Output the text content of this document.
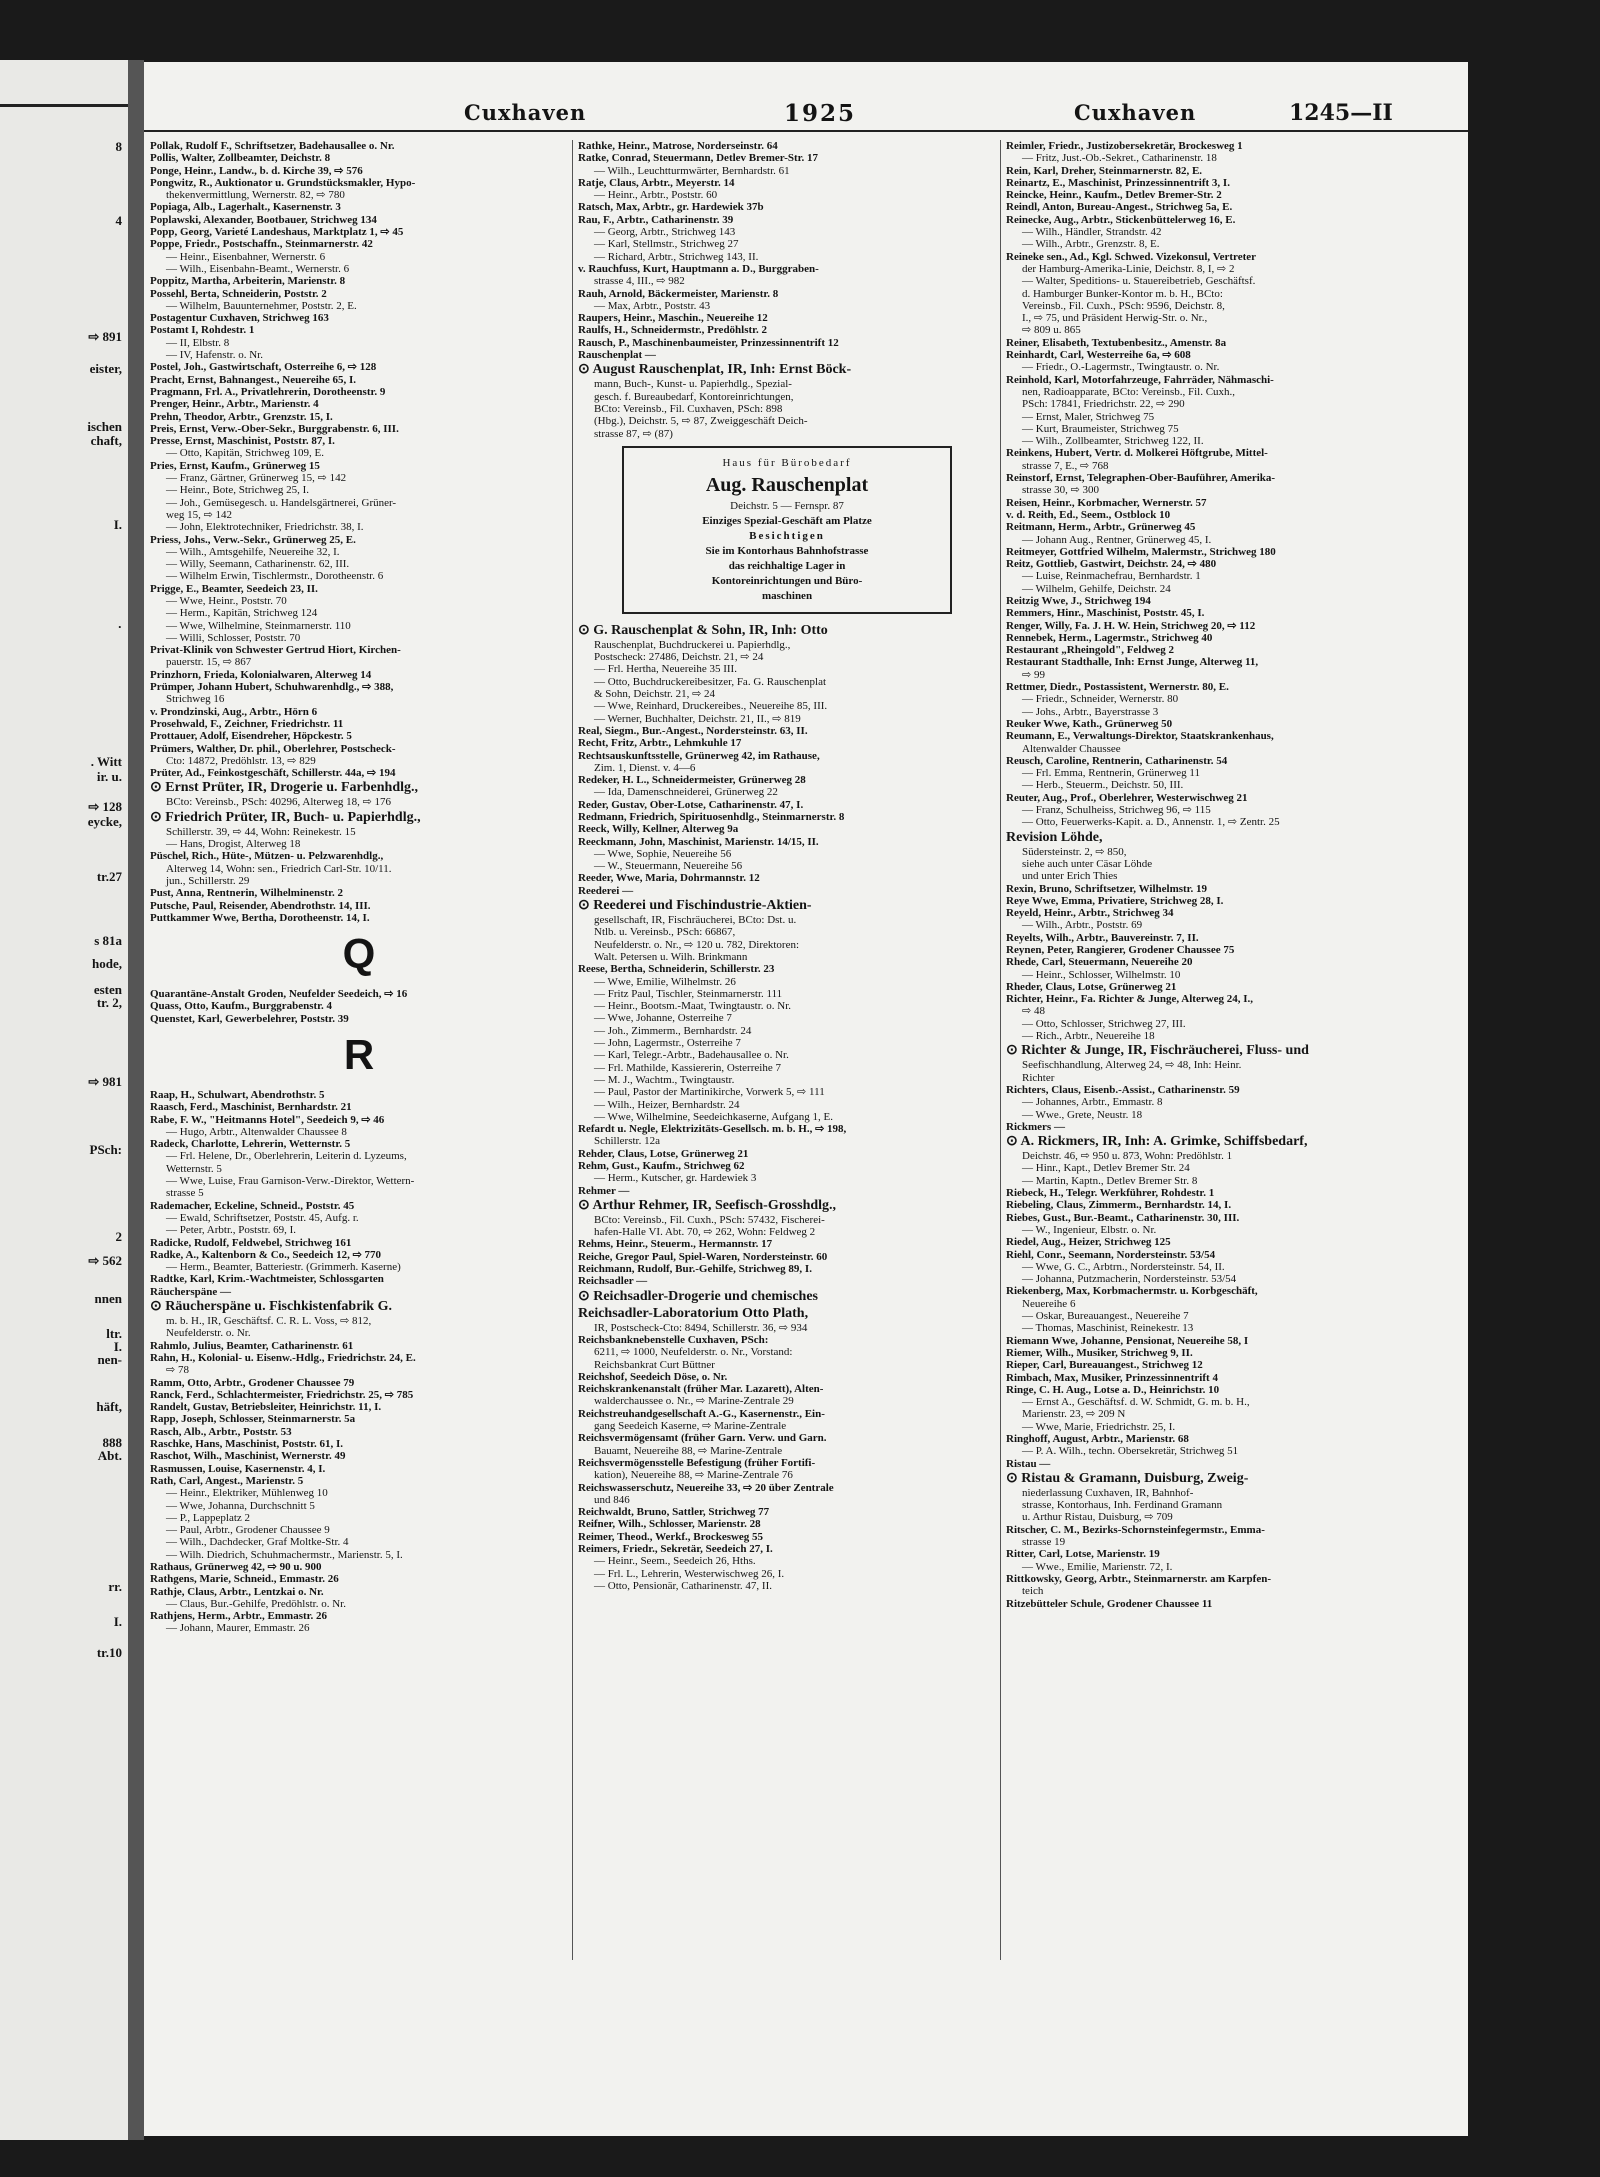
8
4
⇨ 891
eister,
ischen
chaft,
I.
·
. Witt
ir. u.
⇨ 128
eycke,
tr.27
s 81a
hode,
esten
tr. 2,
⇨ 981
PSch:
2
⇨ 562
nnen
ltr.
I.
nen-
häft,
888
Abt.
rr.
I.
tr.10
Cuxhaven	1925	Cuxhaven	1245—II
Pollak, Rudolf F., Schriftsetzer, Badehausallee o. Nr.
Pollis, Walter, Zollbeamter, Deichstr. 8
Ponge, Heinr., Landw., b. d. Kirche 39, ⇨ 576
Pongwitz, R., Auktionator u. Grundstücksmakler, Hypo-
thekenvermittlung, Wernerstr. 82, ⇨ 780
Popiaga, Alb., Lagerhalt., Kasernenstr. 3
Poplawski, Alexander, Bootbauer, Strichweg 134
Popp, Georg, Varieté Landeshaus, Marktplatz 1, ⇨ 45
Poppe, Friedr., Postschaffn., Steinmarnerstr. 42
— Heinr., Eisenbahner, Wernerstr. 6
— Wilh., Eisenbahn-Beamt., Wernerstr. 6
Poppitz, Martha, Arbeiterin, Marienstr. 8
Possehl, Berta, Schneiderin, Poststr. 2
— Wilhelm, Bauunternehmer, Poststr. 2, E.
Postagentur Cuxhaven, Strichweg 163
Postamt I, Rohdestr. 1
— II, Elbstr. 8
— IV, Hafenstr. o. Nr.
Postel, Joh., Gastwirtschaft, Osterreihe 6, ⇨ 128
Pracht, Ernst, Bahnangest., Neuereihe 65, I.
Pragmann, Frl. A., Privatlehrerin, Dorotheenstr. 9
Prenger, Heinr., Arbtr., Marienstr. 4
Prehn, Theodor, Arbtr., Grenzstr. 15, I.
Preis, Ernst, Verw.-Ober-Sekr., Burggrabenstr. 6, III.
Presse, Ernst, Maschinist, Poststr. 87, I.
— Otto, Kapitän, Strichweg 109, E.
Pries, Ernst, Kaufm., Grünerweg 15
— Franz, Gärtner, Grünerweg 15, ⇨ 142
— Heinr., Bote, Strichweg 25, I.
— Joh., Gemüsegesch. u. Handelsgärtnerei, Grüner-
weg 15, ⇨ 142
— John, Elektrotechniker, Friedrichstr. 38, I.
Priess, Johs., Verw.-Sekr., Grünerweg 25, E.
— Wilh., Amtsgehilfe, Neuereihe 32, I.
— Willy, Seemann, Catharinenstr. 62, III.
— Wilhelm Erwin, Tischlermstr., Dorotheenstr. 6
Prigge, E., Beamter, Seedeich 23, II.
— Wwe, Heinr., Poststr. 70
— Herm., Kapitän, Strichweg 124
— Wwe, Wilhelmine, Steinmarnerstr. 110
— Willi, Schlosser, Poststr. 70
Privat-Klinik von Schwester Gertrud Hiort, Kirchen-
pauerstr. 15, ⇨ 867
Prinzhorn, Frieda, Kolonialwaren, Alterweg 14
Prümper, Johann Hubert, Schuhwarenhdlg., ⇨ 388,
Strichweg 16
v. Prondzinski, Aug., Arbtr., Hörn 6
Prosehwald, F., Zeichner, Friedrichstr. 11
Prottauer, Adolf, Eisendreher, Höpckestr. 5
Prümers, Walther, Dr. phil., Oberlehrer, Postscheck-
Cto: 14872, Predöhlstr. 13, ⇨ 829
Prüter, Ad., Feinkostgeschäft, Schillerstr. 44a, ⇨ 194
⊙ Ernst Prüter, IR, Drogerie u. Farbenhdlg.,
BCto: Vereinsb., PSch: 40296, Alterweg 18, ⇨ 176
⊙ Friedrich Prüter, IR, Buch- u. Papierhdlg.,
Schillerstr. 39, ⇨ 44, Wohn: Reinekestr. 15
— Hans, Drogist, Alterweg 18
Püschel, Rich., Hüte-, Mützen- u. Pelzwarenhdlg.,
Alterweg 14, Wohn: sen., Friedrich Carl-Str. 10/11.
jun., Schillerstr. 29
Pust, Anna, Rentnerin, Wilhelminenstr. 2
Putsche, Paul, Reisender, Abendrothstr. 14, III.
Puttkammer Wwe, Bertha, Dorotheenstr. 14, I.
Q
Quarantäne-Anstalt Groden, Neufelder Seedeich, ⇨ 16
Quass, Otto, Kaufm., Burggrabenstr. 4
Quenstet, Karl, Gewerbelehrer, Poststr. 39
R
Raap, H., Schulwart, Abendrothstr. 5
Raasch, Ferd., Maschinist, Bernhardstr. 21
Rabe, F. W., "Heitmanns Hotel", Seedeich 9, ⇨ 46
— Hugo, Arbtr., Altenwalder Chaussee 8
Radeck, Charlotte, Lehrerin, Wetternstr. 5
— Frl. Helene, Dr., Oberlehrerin, Leiterin d. Lyzeums,
Wetternstr. 5
— Wwe, Luise, Frau Garnison-Verw.-Direktor, Wettern-
strasse 5
Rademacher, Eckeline, Schneid., Poststr. 45
— Ewald, Schriftsetzer, Poststr. 45, Aufg. r.
— Peter, Arbtr., Poststr. 69, I.
Radicke, Rudolf, Feldwebel, Strichweg 161
Radke, A., Kaltenborn & Co., Seedeich 12, ⇨ 770
— Herm., Beamter, Batteriestr. (Grimmerh. Kaserne)
Radtke, Karl, Krim.-Wachtmeister, Schlossgarten
Räucherspäne —
⊙ Räucherspäne u. Fischkistenfabrik G.
m. b. H., IR, Geschäftsf. C. R. L. Voss, ⇨ 812,
Neufelderstr. o. Nr.
Rahmlo, Julius, Beamter, Catharinenstr. 61
Rahn, H., Kolonial- u. Eisenw.-Hdlg., Friedrichstr. 24, E.
⇨ 78
Ramm, Otto, Arbtr., Grodener Chaussee 79
Ranck, Ferd., Schlachtermeister, Friedrichstr. 25, ⇨ 785
Randelt, Gustav, Betriebsleiter, Heinrichstr. 11, I.
Rapp, Joseph, Schlosser, Steinmarnerstr. 5a
Rasch, Alb., Arbtr., Poststr. 53
Raschke, Hans, Maschinist, Poststr. 61, I.
Raschot, Wilh., Maschinist, Wernerstr. 49
Rasmussen, Louise, Kasernenstr. 4, I.
Rath, Carl, Angest., Marienstr. 5
— Heinr., Elektriker, Mühlenweg 10
— Wwe, Johanna, Durchschnitt 5
— P., Lappeplatz 2
— Paul, Arbtr., Grodener Chaussee 9
— Wilh., Dachdecker, Graf Moltke-Str. 4
— Wilh. Diedrich, Schuhmachermstr., Marienstr. 5, I.
Rathaus, Grünerweg 42, ⇨ 90 u. 900
Rathgens, Marie, Schneid., Emmastr. 26
Rathje, Claus, Arbtr., Lentzkai o. Nr.
— Claus, Bur.-Gehilfe, Predöhlstr. o. Nr.
Rathjens, Herm., Arbtr., Emmastr. 26
— Johann, Maurer, Emmastr. 26
Rathke, Heinr., Matrose, Norderseinstr. 64
Ratke, Conrad, Steuermann, Detlev Bremer-Str. 17
— Wilh., Leuchtturmwärter, Bernhardstr. 61
Ratje, Claus, Arbtr., Meyerstr. 14
— Heinr., Arbtr., Poststr. 60
Ratsch, Max, Arbtr., gr. Hardewiek 37b
Rau, F., Arbtr., Catharinenstr. 39
— Georg, Arbtr., Strichweg 143
— Karl, Stellmstr., Strichweg 27
— Richard, Arbtr., Strichweg 143, II.
v. Rauchfuss, Kurt, Hauptmann a. D., Burggraben-
strasse 4, III., ⇨ 982
Rauh, Arnold, Bäckermeister, Marienstr. 8
— Max, Arbtr., Poststr. 43
Raupers, Heinr., Maschin., Neuereihe 12
Raulfs, H., Schneidermstr., Predöhlstr. 2
Rausch, P., Maschinenbaumeister, Prinzessinnentrift 12
Rauschenplat —
⊙ August Rauschenplat, IR, Inh: Ernst Böck-
mann, Buch-, Kunst- u. Papierhdlg., Spezial-
gesch. f. Bureaubedarf, Kontoreinrichtungen,
BCto: Vereinsb., Fil. Cuxhaven, PSch: 898
(Hbg.), Deichstr. 5, ⇨ 87, Zweiggeschäft Deich-
strasse 87, ⇨ (87)
Haus für Bürobedarf
Aug. Rauschenplat
Deichstr. 5 — Fernspr. 87
Einziges Spezial-Geschäft am Platze
Besichtigen
Sie im Kontorhaus Bahnhofstrasse
das reichhaltige Lager in
Kontoreinrichtungen und Büro-
maschinen
⊙ G. Rauschenplat & Sohn, IR, Inh: Otto
Rauschenplat, Buchdruckerei u. Papierhdlg.,
Postscheck: 27486, Deichstr. 21, ⇨ 24
— Frl. Hertha, Neuereihe 35 III.
— Otto, Buchdruckereibesitzer, Fa. G. Rauschenplat
& Sohn, Deichstr. 21, ⇨ 24
— Wwe, Reinhard, Druckereibes., Neuereihe 85, III.
— Werner, Buchhalter, Deichstr. 21, II., ⇨ 819
Real, Siegm., Bur.-Angest., Nordersteinstr. 63, II.
Recht, Fritz, Arbtr., Lehmkuhle 17
Rechtsauskunftsstelle, Grünerweg 42, im Rathause,
Zim. 1, Dienst. v. 4—6
Redeker, H. L., Schneidermeister, Grünerweg 28
— Ida, Damenschneiderei, Grünerweg 22
Reder, Gustav, Ober-Lotse, Catharinenstr. 47, I.
Redmann, Friedrich, Spirituosenhdlg., Steinmarnerstr. 8
Reeck, Willy, Kellner, Alterweg 9a
Reeckmann, John, Maschinist, Marienstr. 14/15, II.
— Wwe, Sophie, Neuereihe 56
— W., Steuermann, Neuereihe 56
Reeder, Wwe, Maria, Dohrmannstr. 12
Reederei —
⊙ Reederei und Fischindustrie-Aktien-
gesellschaft, IR, Fischräucherei, BCto: Dst. u.
Ntlb. u. Vereinsb., PSch: 66867,
Neufelderstr. o. Nr., ⇨ 120 u. 782, Direktoren:
Walt. Petersen u. Wilh. Brinkmann
Reese, Bertha, Schneiderin, Schillerstr. 23
— Wwe, Emilie, Wilhelmstr. 26
— Fritz Paul, Tischler, Steinmarnerstr. 111
— Heinr., Bootsm.-Maat, Twingtaustr. o. Nr.
— Wwe, Johanne, Osterreihe 7
— Joh., Zimmerm., Bernhardstr. 24
— John, Lagermstr., Osterreihe 7
— Karl, Telegr.-Arbtr., Badehausallee o. Nr.
— Frl. Mathilde, Kassiererin, Osterreihe 7
— M. J., Wachtm., Twingtaustr.
— Paul, Pastor der Martinikirche, Vorwerk 5, ⇨ 111
— Wilh., Heizer, Bernhardstr. 24
— Wwe, Wilhelmine, Seedeichkaserne, Aufgang 1, E.
Refardt u. Negle, Elektrizitäts-Gesellsch. m. b. H., ⇨ 198,
Schillerstr. 12a
Rehder, Claus, Lotse, Grünerweg 21
Rehm, Gust., Kaufm., Strichweg 62
— Herm., Kutscher, gr. Hardewiek 3
Rehmer —
⊙ Arthur Rehmer, IR, Seefisch-Grosshdlg.,
BCto: Vereinsb., Fil. Cuxh., PSch: 57432, Fischerei-
hafen-Halle VI. Abt. 70, ⇨ 262, Wohn: Feldweg 2
Rehms, Heinr., Steuerm., Hermannstr. 17
Reiche, Gregor Paul, Spiel-Waren, Nordersteinstr. 60
Reichmann, Rudolf, Bur.-Gehilfe, Strichweg 89, I.
Reichsadler —
⊙ Reichsadler-Drogerie und chemisches
Reichsadler-Laboratorium Otto Plath,
IR, Postscheck-Cto: 8494, Schillerstr. 36, ⇨ 934
Reichsbanknebenstelle Cuxhaven, PSch:
6211, ⇨ 1000, Neufelderstr. o. Nr., Vorstand:
Reichsbankrat Curt Büttner
Reichshof, Seedeich Döse, o. Nr.
Reichskrankenanstalt (früher Mar. Lazarett), Alten-
walderchaussee o. Nr., ⇨ Marine-Zentrale 29
Reichstreuhandgesellschaft A.-G., Kasernenstr., Ein-
gang Seedeich Kaserne, ⇨ Marine-Zentrale
Reichsvermögensamt (früher Garn. Verw. und Garn.
Bauamt, Neuereihe 88, ⇨ Marine-Zentrale
Reichsvermögensstelle Befestigung (früher Fortifi-
kation), Neuereihe 88, ⇨ Marine-Zentrale 76
Reichswasserschutz, Neuereihe 33, ⇨ 20 über Zentrale
und 846
Reichwaldt, Bruno, Sattler, Strichweg 77
Reifner, Wilh., Schlosser, Marienstr. 28
Reimer, Theod., Werkf., Brockesweg 55
Reimers, Friedr., Sekretär, Seedeich 27, I.
— Heinr., Seem., Seedeich 26, Hths.
— Frl. L., Lehrerin, Westerwischweg 26, I.
— Otto, Pensionär, Catharinenstr. 47, II.
Reimler, Friedr., Justizobersekretär, Brockesweg 1
— Fritz, Just.-Ob.-Sekret., Catharinenstr. 18
Rein, Karl, Dreher, Steinmarnerstr. 82, E.
Reinartz, E., Maschinist, Prinzessinnentrift 3, I.
Reincke, Heinr., Kaufm., Detlev Bremer-Str. 2
Reindl, Anton, Bureau-Angest., Strichweg 5a, E.
Reinecke, Aug., Arbtr., Stickenbüttelerweg 16, E.
— Wilh., Händler, Strandstr. 42
— Wilh., Arbtr., Grenzstr. 8, E.
Reineke sen., Ad., Kgl. Schwed. Vizekonsul, Vertreter
der Hamburg-Amerika-Linie, Deichstr. 8, I, ⇨ 2
— Walter, Speditions- u. Stauereibetrieb, Geschäftsf.
d. Hamburger Bunker-Kontor m. b. H., BCto:
Vereinsb., Fil. Cuxh., PSch: 9596, Deichstr. 8,
I., ⇨ 75, und Präsident Herwig-Str. o. Nr.,
⇨ 809 u. 865
Reiner, Elisabeth, Textubenbesitz., Amenstr. 8a
Reinhardt, Carl, Westerreihe 6a, ⇨ 608
— Friedr., O.-Lagermstr., Twingtaustr. o. Nr.
Reinhold, Karl, Motorfahrzeuge, Fahrräder, Nähmaschi-
nen, Radioapparate, BCto: Vereinsb., Fil. Cuxh.,
PSch: 17841, Friedrichstr. 22, ⇨ 290
— Ernst, Maler, Strichweg 75
— Kurt, Braumeister, Strichweg 75
— Wilh., Zollbeamter, Strichweg 122, II.
Reinkens, Hubert, Vertr. d. Molkerei Höftgrube, Mittel-
strasse 7, E., ⇨ 768
Reinstorf, Ernst, Telegraphen-Ober-Bauführer, Amerika-
strasse 30, ⇨ 300
Reisen, Heinr., Korbmacher, Wernerstr. 57
v. d. Reith, Ed., Seem., Ostblock 10
Reitmann, Herm., Arbtr., Grünerweg 45
— Johann Aug., Rentner, Grünerweg 45, I.
Reitmeyer, Gottfried Wilhelm, Malermstr., Strichweg 180
Reitz, Gottlieb, Gastwirt, Deichstr. 24, ⇨ 480
— Luise, Reinmachefrau, Bernhardstr. 1
— Wilhelm, Gehilfe, Deichstr. 24
Reitzig Wwe, J., Strichweg 194
Remmers, Hinr., Maschinist, Poststr. 45, I.
Renger, Willy, Fa. J. H. W. Hein, Strichweg 20, ⇨ 112
Rennebek, Herm., Lagermstr., Strichweg 40
Restaurant „Rheingold", Feldweg 2
Restaurant Stadthalle, Inh: Ernst Junge, Alterweg 11,
⇨ 99
Rettmer, Diedr., Postassistent, Wernerstr. 80, E.
— Friedr., Schneider, Wernerstr. 80
— Johs., Arbtr., Bayerstrasse 3
Reuker Wwe, Kath., Grünerweg 50
Reumann, E., Verwaltungs-Direktor, Staatskrankenhaus,
Altenwalder Chaussee
Reusch, Caroline, Rentnerin, Catharinenstr. 54
— Frl. Emma, Rentnerin, Grünerweg 11
— Herb., Steuerm., Deichstr. 50, III.
Reuter, Aug., Prof., Oberlehrer, Westerwischweg 21
— Franz, Schulheiss, Strichweg 96, ⇨ 115
— Otto, Feuerwerks-Kapit. a. D., Annenstr. 1, ⇨ Zentr. 25
Revision Löhde,
Südersteinstr. 2, ⇨ 850,
siehe auch unter Cäsar Löhde
und unter Erich Thies
Rexin, Bruno, Schriftsetzer, Wilhelmstr. 19
Reye Wwe, Emma, Privatiere, Strichweg 28, I.
Reyeld, Heinr., Arbtr., Strichweg 34
— Wilh., Arbtr., Poststr. 69
Reyelts, Wilh., Arbtr., Bauvereinstr. 7, II.
Reynen, Peter, Rangierer, Grodener Chaussee 75
Rhede, Carl, Steuermann, Neuereihe 20
— Heinr., Schlosser, Wilhelmstr. 10
Rheder, Claus, Lotse, Grünerweg 21
Richter, Heinr., Fa. Richter & Junge, Alterweg 24, I.,
⇨ 48
— Otto, Schlosser, Strichweg 27, III.
— Rich., Arbtr., Neuereihe 18
⊙ Richter & Junge, IR, Fischräucherei, Fluss- und
Seefischhandlung, Alterweg 24, ⇨ 48, Inh: Heinr.
Richter
Richters, Claus, Eisenb.-Assist., Catharinenstr. 59
— Johannes, Arbtr., Emmastr. 8
— Wwe., Grete, Neustr. 18
Rickmers —
⊙ A. Rickmers, IR, Inh: A. Grimke, Schiffsbedarf,
Deichstr. 46, ⇨ 950 u. 873, Wohn: Predöhlstr. 1
— Hinr., Kapt., Detlev Bremer Str. 24
— Martin, Kaptn., Detlev Bremer Str. 8
Riebeck, H., Telegr. Werkführer, Rohdestr. 1
Riebeling, Claus, Zimmerm., Bernhardstr. 14, I.
Riebes, Gust., Bur.-Beamt., Catharinenstr. 30, III.
— W., Ingenieur, Elbstr. o. Nr.
Riedel, Aug., Heizer, Strichweg 125
Riehl, Conr., Seemann, Nordersteinstr. 53/54
— Wwe, G. C., Arbtrn., Nordersteinstr. 54, II.
— Johanna, Putzmacherin, Nordersteinstr. 53/54
Riekenberg, Max, Korbmachermstr. u. Korbgeschäft,
Neuereihe 6
— Oskar, Bureauangest., Neuereihe 7
— Thomas, Maschinist, Reinekestr. 13
Riemann Wwe, Johanne, Pensionat, Neuereihe 58, I
Riemer, Wilh., Musiker, Strichweg 9, II.
Rieper, Carl, Bureauangest., Strichweg 12
Rimbach, Max, Musiker, Prinzessinnentrift 4
Ringe, C. H. Aug., Lotse a. D., Heinrichstr. 10
— Ernst A., Geschäftsf. d. W. Schmidt, G. m. b. H.,
Marienstr. 23, ⇨ 209 N
— Wwe, Marie, Friedrichstr. 25, I.
Ringhoff, August, Arbtr., Marienstr. 68
— P. A. Wilh., techn. Obersekretär, Strichweg 51
Ristau —
⊙ Ristau & Gramann, Duisburg, Zweig-
niederlassung Cuxhaven, IR, Bahnhof-
strasse, Kontorhaus, Inh. Ferdinand Gramann
u. Arthur Ristau, Duisburg, ⇨ 709
Ritscher, C. M., Bezirks-Schornsteinfegermstr., Emma-
strasse 19
Ritter, Carl, Lotse, Marienstr. 19
— Wwe., Emilie, Marienstr. 72, I.
Rittkowsky, Georg, Arbtr., Steinmarnerstr. am Karpfen-
teich
Ritzebütteler Schule, Grodener Chaussee 11
